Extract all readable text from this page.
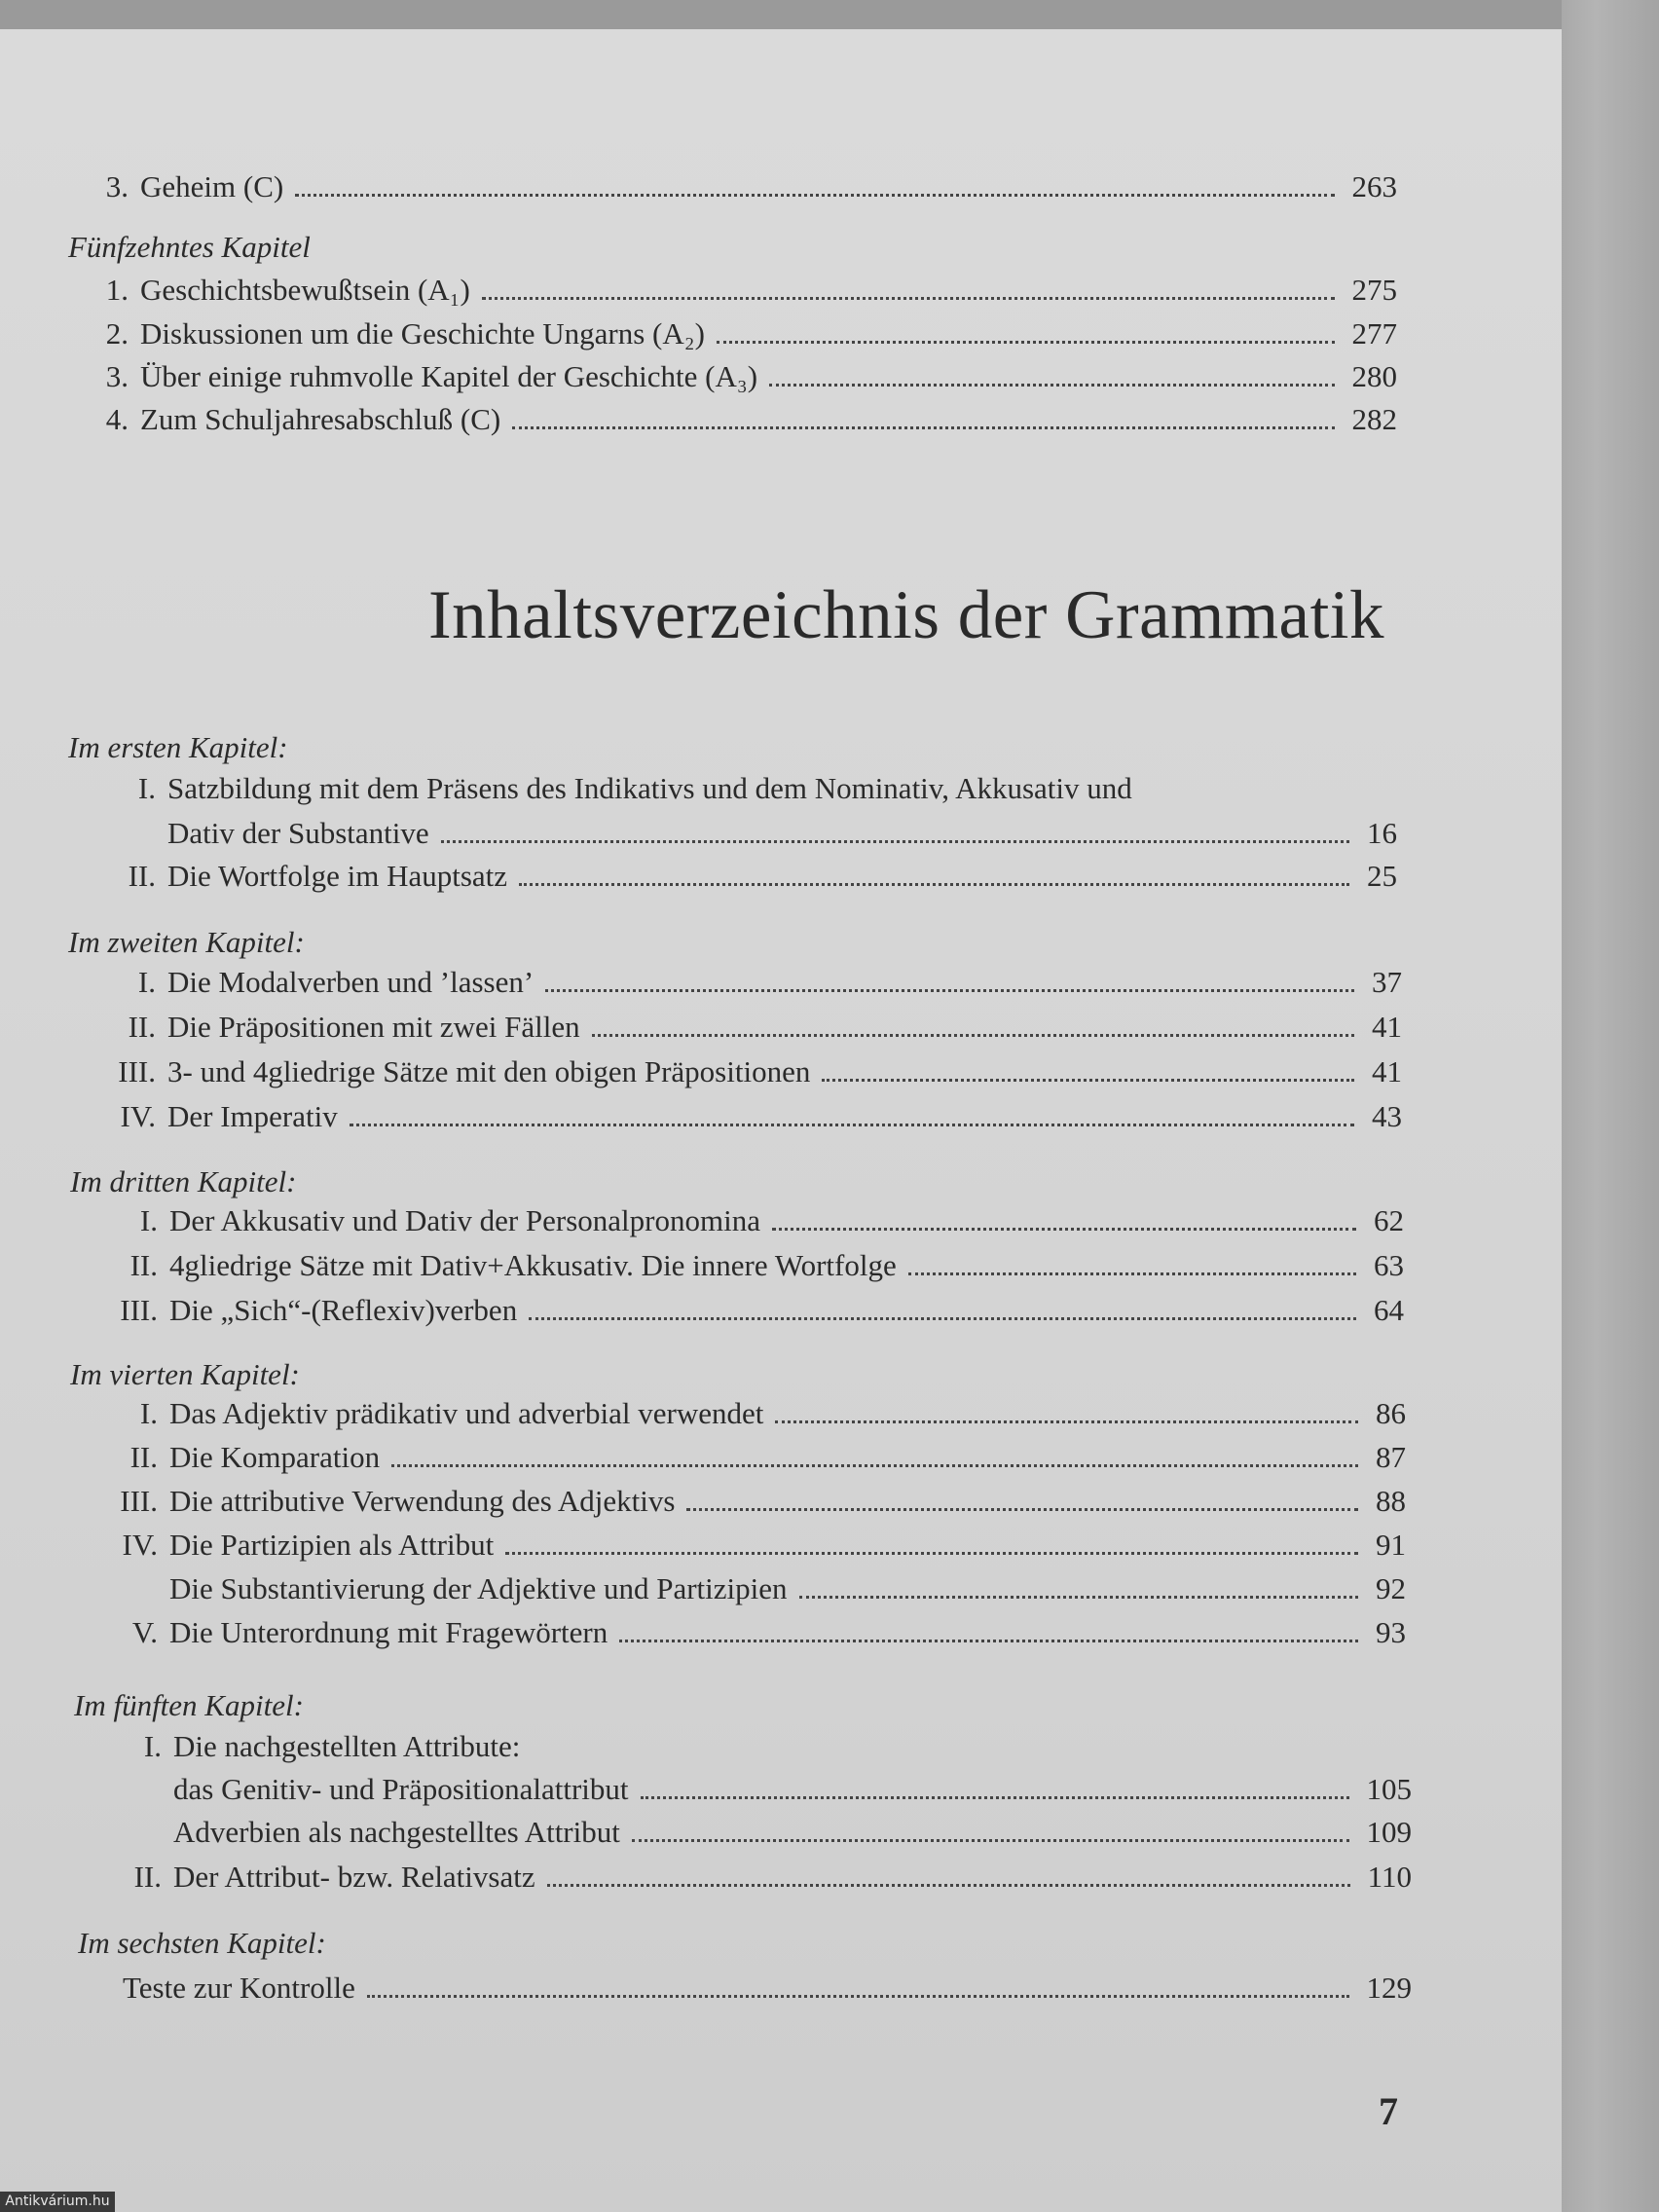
3. Geheim (C)	263
Fünfzehntes Kapitel
1. Geschichtsbewußtsein (A₁)	275
2. Diskussionen um die Geschichte Ungarns (A₂)	277
3. Über einige ruhmvolle Kapitel der Geschichte (A₃)	280
4. Zum Schuljahresabschluß (C)	282
Inhaltsverzeichnis der Grammatik
Im ersten Kapitel:
I. Satzbildung mit dem Präsens des Indikativs und dem Nominativ, Akkusativ und
Dativ der Substantive	16
II. Die Wortfolge im Hauptsatz	25
Im zweiten Kapitel:
I. Die Modalverben und ’lassen’	37
II. Die Präpositionen mit zwei Fällen	41
III. 3- und 4gliedrige Sätze mit den obigen Präpositionen	41
IV. Der Imperativ	43
Im dritten Kapitel:
I. Der Akkusativ und Dativ der Personalpronomina	62
II. 4gliedrige Sätze mit Dativ+Akkusativ. Die innere Wortfolge	63
III. Die „Sich“-(Reflexiv)verben	64
Im vierten Kapitel:
I. Das Adjektiv prädikativ und adverbial verwendet	86
II. Die Komparation	87
III. Die attributive Verwendung des Adjektivs	88
IV. Die Partizipien als Attribut	91
Die Substantivierung der Adjektive und Partizipien	92
V. Die Unterordnung mit Fragewörtern	93
Im fünften Kapitel:
I. Die nachgestellten Attribute:
das Genitiv- und Präpositionalattribut	105
Adverbien als nachgestelltes Attribut	109
II. Der Attribut- bzw. Relativsatz	110
Im sechsten Kapitel:
Teste zur Kontrolle	129
7
Antikvárium.hu
